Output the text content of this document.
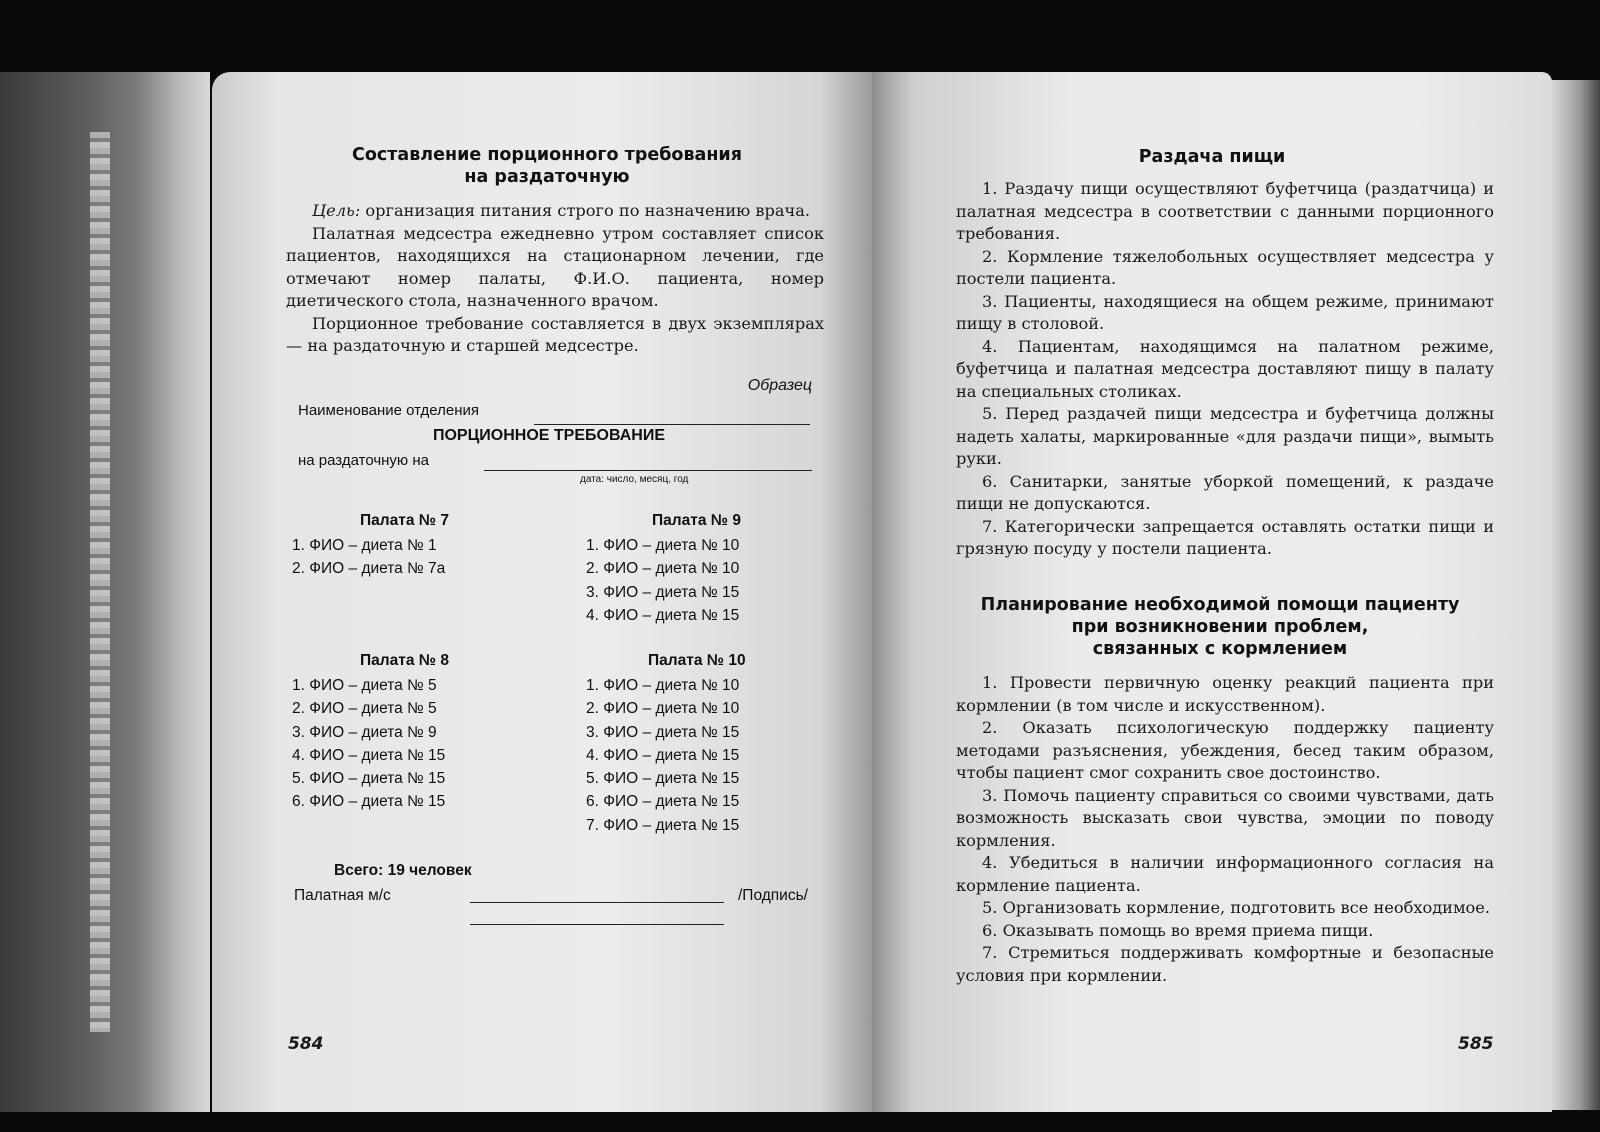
Составление порционного требования
на раздаточную

Цель: организация питания строго по назначению врача.

Палатная медсестра ежедневно утром составляет список пациентов, находящихся на стационарном лечении, где отмечают номер палаты, Ф.И.О. пациента, номер диетического стола, назначенного врачом.

Порционное требование составляется в двух экземплярах — на раздаточную и старшей медсестре.

Образец
Наименование отделения
ПОРЦИОННОЕ ТРЕБОВАНИЕ
на раздаточную на
дата: число, месяц, год
Палата № 7
1. ФИО – диета № 1
2. ФИО – диета № 7а
Палата № 9
1. ФИО – диета № 10
2. ФИО – диета № 10
3. ФИО – диета № 15
4. ФИО – диета № 15
Палата № 8
1. ФИО – диета № 5
2. ФИО – диета № 5
3. ФИО – диета № 9
4. ФИО – диета № 15
5. ФИО – диета № 15
6. ФИО – диета № 15
Палата № 10
1. ФИО – диета № 10
2. ФИО – диета № 10
3. ФИО – диета № 15
4. ФИО – диета № 15
5. ФИО – диета № 15
6. ФИО – диета № 15
7. ФИО – диета № 15
Всего: 19 человек
Палатная м/с	/Подпись/
584
Раздача пищи

1. Раздачу пищи осуществляют буфетчица (раздатчица) и палатная медсестра в соответствии с данными порционного требования.

2. Кормление тяжелобольных осуществляет медсестра у постели пациента.

3. Пациенты, находящиеся на общем режиме, принимают пищу в столовой.

4. Пациентам, находящимся на палатном режиме, буфетчица и палатная медсестра доставляют пищу в палату на специальных столиках.

5. Перед раздачей пищи медсестра и буфетчица должны надеть халаты, маркированные «для раздачи пищи», вымыть руки.

6. Санитарки, занятые уборкой помещений, к раздаче пищи не допускаются.

7. Категорически запрещается оставлять остатки пищи и грязную посуду у постели пациента.

Планирование необходимой помощи пациенту
при возникновении проблем,
связанных с кормлением

1. Провести первичную оценку реакций пациента при кормлении (в том числе и искусственном).

2. Оказать психологическую поддержку пациенту методами разъяснения, убеждения, бесед таким образом, чтобы пациент смог сохранить свое достоинство.

3. Помочь пациенту справиться со своими чувствами, дать возможность высказать свои чувства, эмоции по поводу кормления.

4. Убедиться в наличии информационного согласия на кормление пациента.

5. Организовать кормление, подготовить все необходимое.

6. Оказывать помощь во время приема пищи.

7. Стремиться поддерживать комфортные и безопасные условия при кормлении.

585
